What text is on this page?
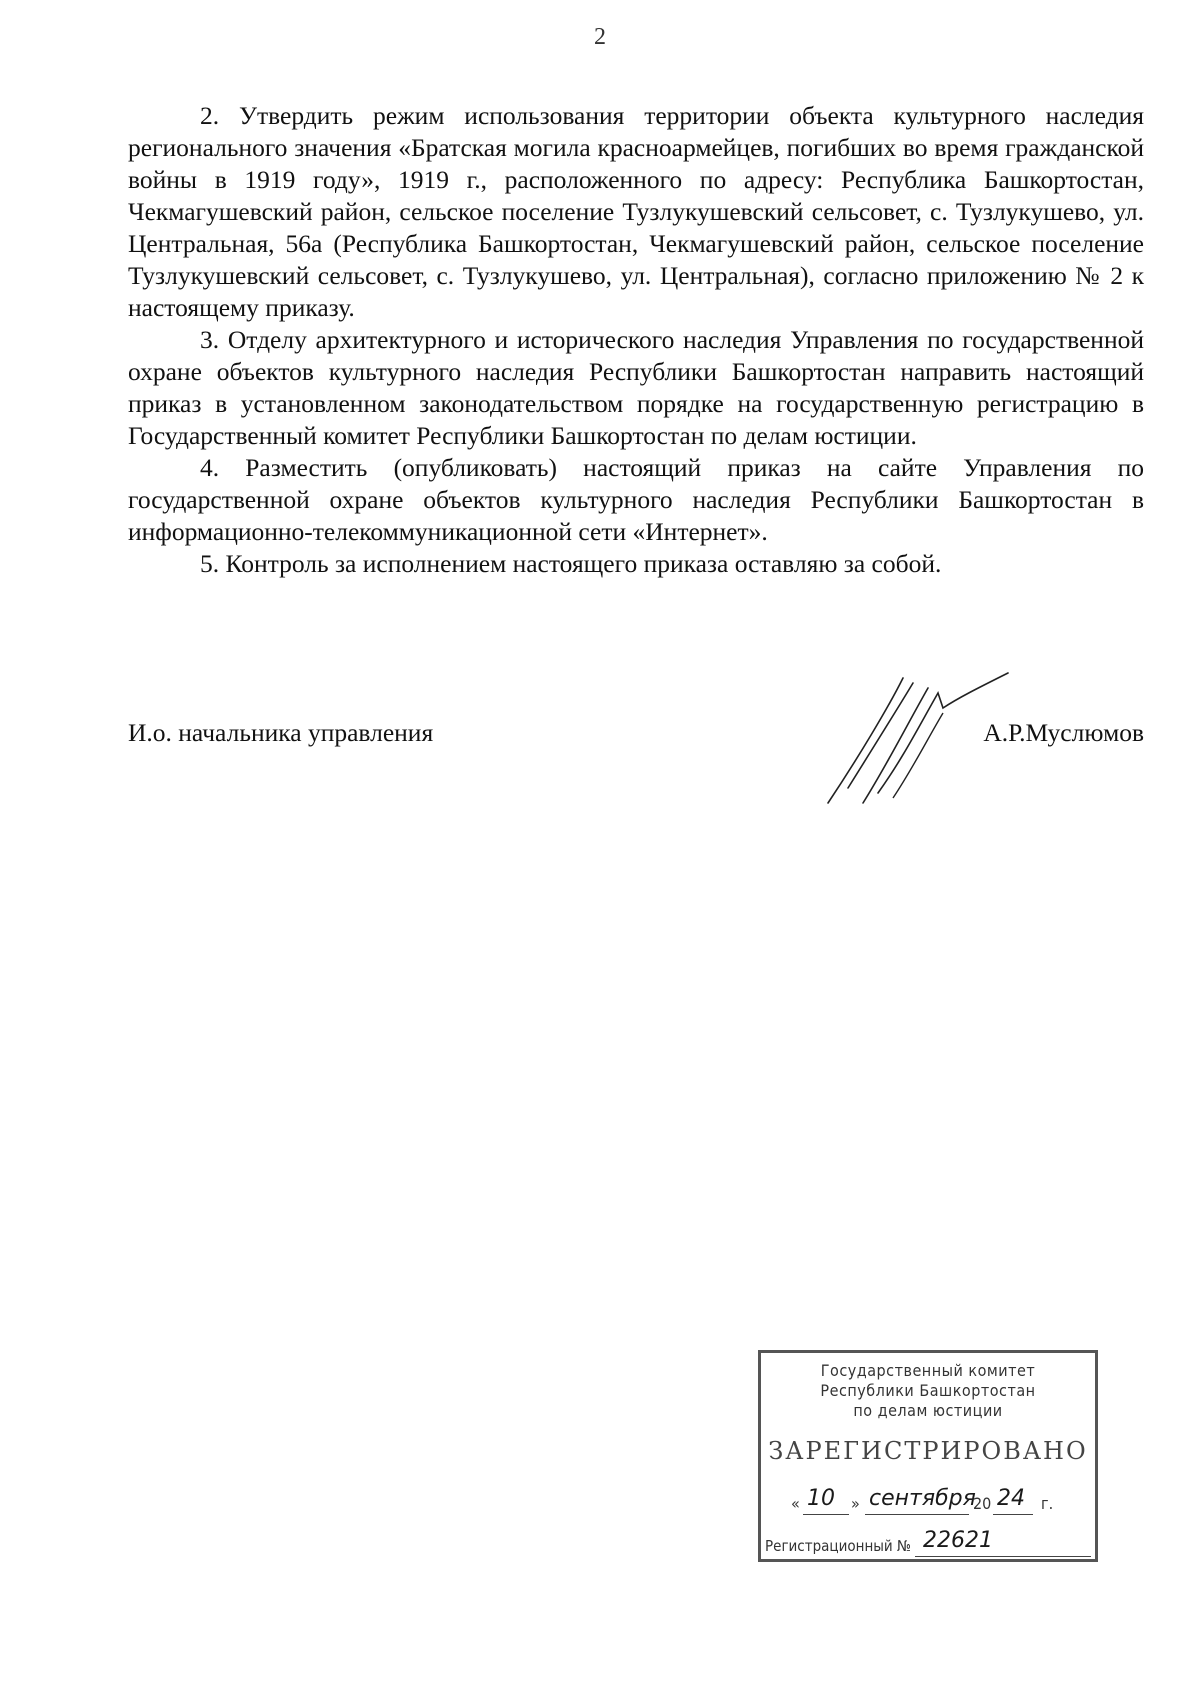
2

2. Утвердить режим использования территории объекта культурного наследия регионального значения «Братская могила красноармейцев, погибших во время гражданской войны в 1919 году», 1919 г., расположенного по адресу: Республика Башкортостан, Чекмагушевский район, сельское поселение Тузлукушевский сельсовет, с. Тузлукушево, ул. Центральная, 56а (Республика Башкортостан, Чекмагушевский район, сельское поселение Тузлукушевский сельсовет, с. Тузлукушево, ул. Центральная), согласно приложению № 2 к настоящему приказу.

3. Отделу архитектурного и исторического наследия Управления по государственной охране объектов культурного наследия Республики Башкортостан направить настоящий приказ в установленном законодательством порядке на государственную регистрацию в Государственный комитет Республики Башкортостан по делам юстиции.

4. Разместить (опубликовать) настоящий приказ на сайте Управления по государственной охране объектов культурного наследия Республики Башкортостан в информационно-телекоммуникационной сети «Интернет».

5. Контроль за исполнением настоящего приказа оставляю за собой.

И.о. начальника управления	А.Р.Муслюмов
Государственный комитет
Республики Башкортостан
по делам юстиции
ЗАРЕГИСТРИРОВАНО
« 10 » сентября
20 24 г.
Регистрационный № 22621
